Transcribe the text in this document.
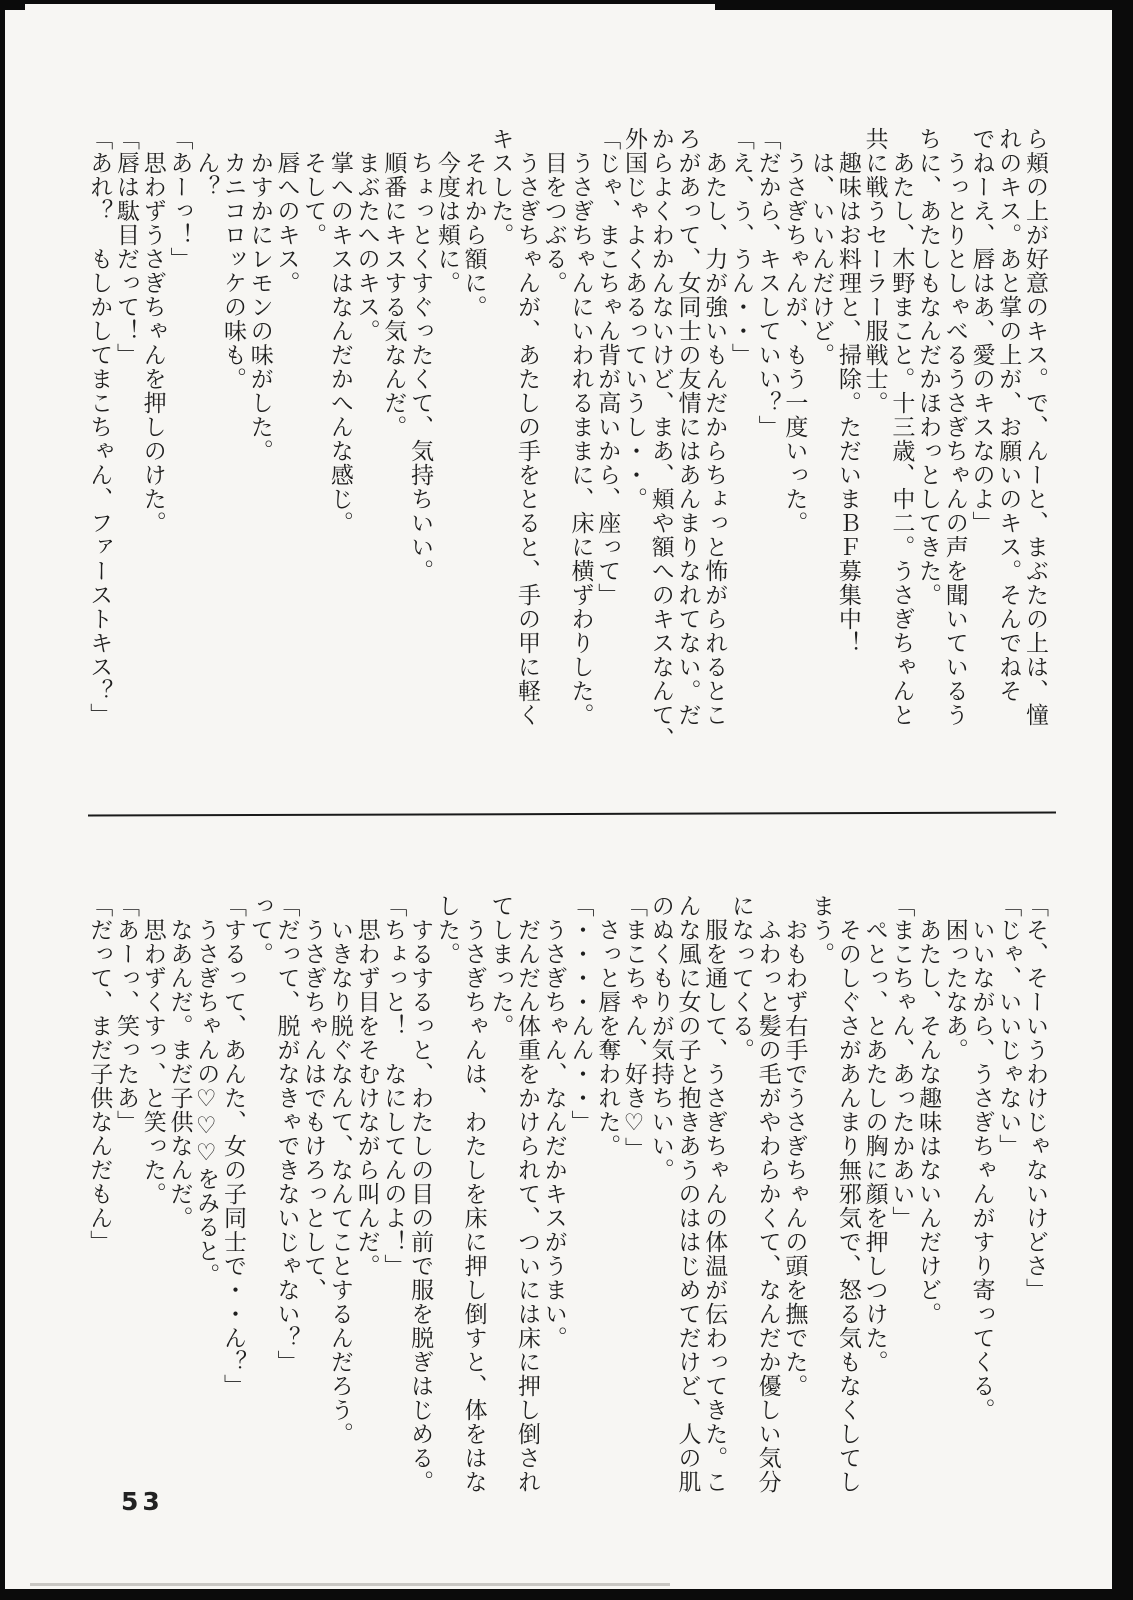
ら頬の上が好意のキス。で、んーと、まぶたの上は、憧
れのキス。あと掌の上が、お願いのキス。そんでねそ
でねーえ、唇はあ、愛のキスなのよ」
うっとりとしゃべるうさぎちゃんの声を聞いているう
ちに、あたしもなんだかほわっとしてきた。
あたし、木野まこと。十三歳、中二。うさぎちゃんと
共に戦うセーラー服戦士。
趣味はお料理と、掃除。ただいまＢＦ募集中！
は、いいんだけど。
うさぎちゃんが、もう一度いった。
「だから、キスしていい？」
「え、う、うん・・」
あたし、力が強いもんだからちょっと怖がられるとこ
ろがあって、女同士の友情にはあんまりなれてない。だ
からよくわかんないけど、まあ、頬や額へのキスなんて、
外国じゃよくあるっていうし・・。
「じゃ、まこちゃん背が高いから、座って」
うさぎちゃんにいわれるままに、床に横ずわりした。
目をつぶる。
うさぎちゃんが、あたしの手をとると、手の甲に軽く
キスした。
それから額に。
今度は頬に。
ちょっとくすぐったくて、気持ちいい。
順番にキスする気なんだ。
まぶたへのキス。
掌へのキスはなんだかへんな感じ。
そして。
唇へのキス。
かすかにレモンの味がした。
カニコロッケの味も。
ん？
「あーっ！」
思わずうさぎちゃんを押しのけた。
「唇は駄目だって！」
「あれ？　もしかしてまこちゃん、ファーストキス？」
「そ、そーいうわけじゃないけどさ」
「じゃ、いいじゃない」
いいながら、うさぎちゃんがすり寄ってくる。
困ったなあ。
あたし、そんな趣味はないんだけど。
「まこちゃん、あったかあい」
ぺとっ、とあたしの胸に顔を押しつけた。
そのしぐさがあんまり無邪気で、怒る気もなくしてし
まう。
おもわず右手でうさぎちゃんの頭を撫でた。
ふわっと髪の毛がやわらかくて、なんだか優しい気分
になってくる。
服を通して、うさぎちゃんの体温が伝わってきた。こ
んな風に女の子と抱きあうのははじめてだけど、人の肌
のぬくもりが気持ちいい。
「まこちゃん、好き♡」
さっと唇を奪われた。
「・・・・んん・・」
うさぎちゃん、なんだかキスがうまい。
だんだん体重をかけられて、ついには床に押し倒され
てしまった。
うさぎちゃんは、わたしを床に押し倒すと、体をはな
した。
するするっと、わたしの目の前で服を脱ぎはじめる。
「ちょっと！　なにしてんのよ！」
思わず目をそむけながら叫んだ。
いきなり脱ぐなんて、なんてことするんだろう。
うさぎちゃんはでもけろっとして、
「だって、脱がなきゃできないじゃない？」
って。
「するって、あんた、女の子同士で・・ん？」
うさぎちゃんの♡♡♡をみると。
なあんだ。まだ子供なんだ。
思わずくすっ、と笑った。
「あーっ、笑ったあ」
「だって、まだ子供なんだもん」
53
